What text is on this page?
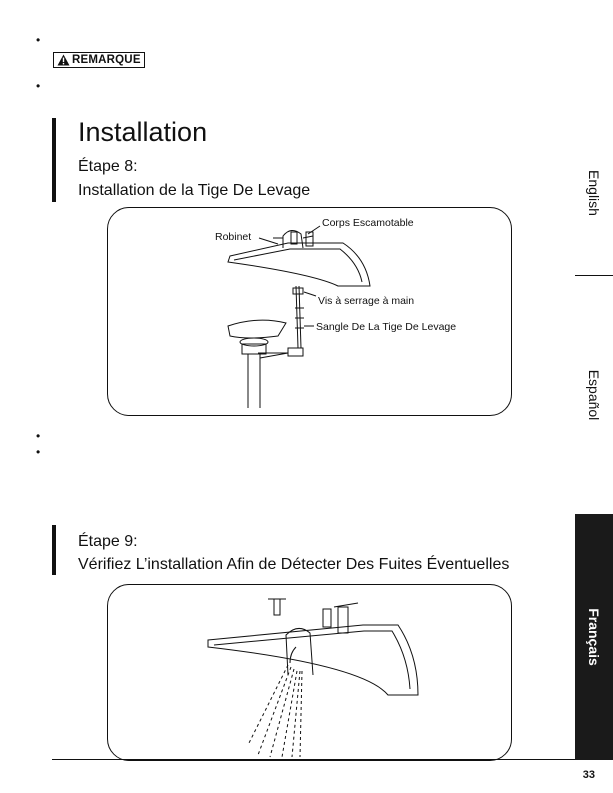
•
REMARQUE
•
Installation
Étape 8:
Installation de la Tige De Levage
Robinet
Corps Escamotable
Vis à serrage à main
Sangle De La Tige De Levage
•
•
Étape 9:
Vérifiez L’installation Afin de Détecter Des Fuites Éventuelles
33
English
Español
Français
